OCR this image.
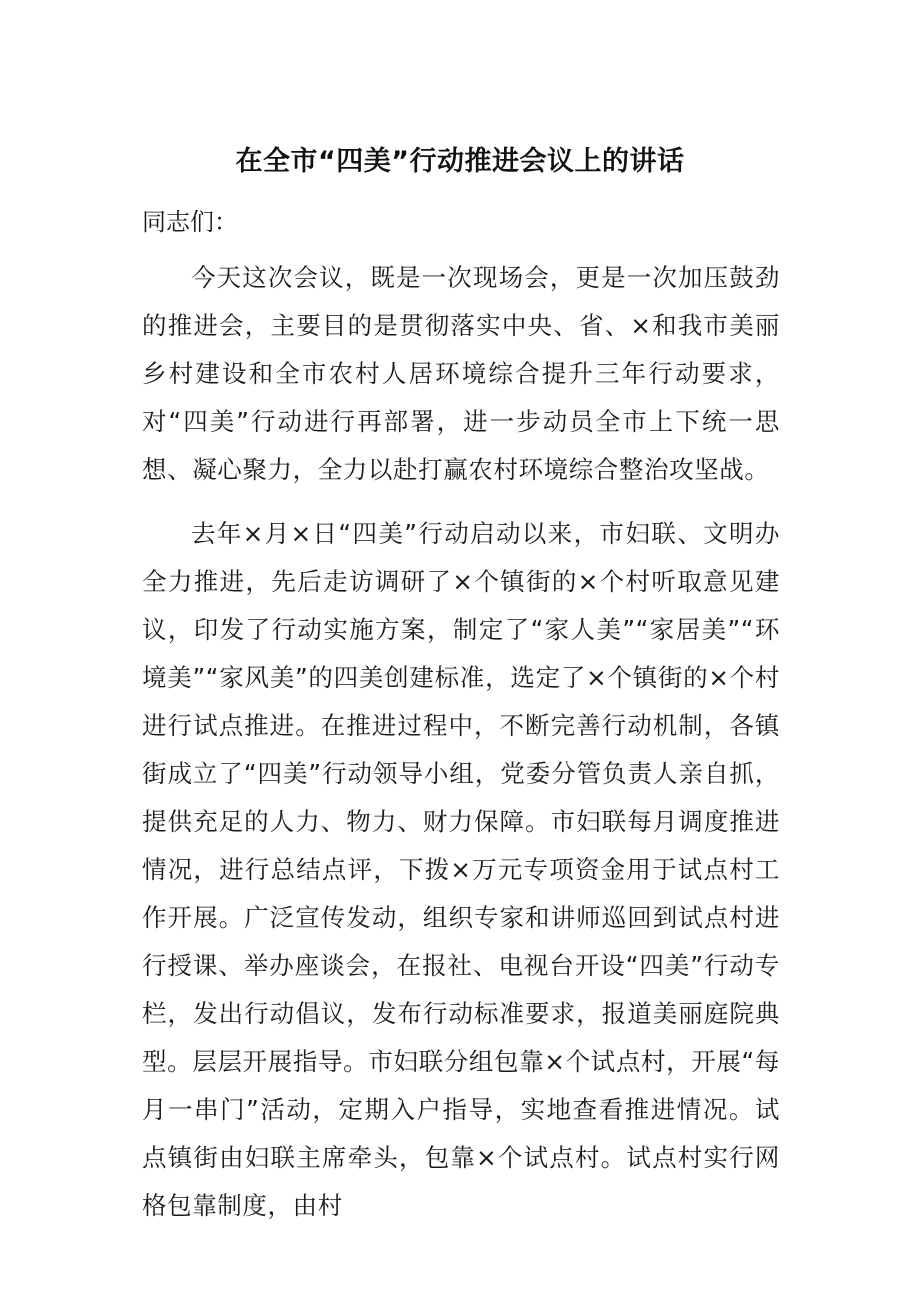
在全市“四美”行动推进会议上的讲话
同志们：

今天这次会议，既是一次现场会，更是一次加压鼓劲的推进会，主要目的是贯彻落实中央、省、×和我市美丽乡村建设和全市农村人居环境综合提升三年行动要求，对“四美”行动进行再部署，进一步动员全市上下统一思想、凝心聚力，全力以赴打赢农村环境综合整治攻坚战。

去年×月×日“四美”行动启动以来，市妇联、文明办全力推进，先后走访调研了×个镇街的×个村听取意见建议，印发了行动实施方案，制定了“家人美”“家居美”“环境美”“家风美”的四美创建标准，选定了×个镇街的×个村进行试点推进。在推进过程中，不断完善行动机制，各镇街成立了“四美”行动领导小组，党委分管负责人亲自抓，提供充足的人力、物力、财力保障。市妇联每月调度推进情况，进行总结点评，下拨×万元专项资金用于试点村工作开展。广泛宣传发动，组织专家和讲师巡回到试点村进行授课、举办座谈会，在报社、电视台开设“四美”行动专栏，发出行动倡议，发布行动标准要求，报道美丽庭院典型。层层开展指导。市妇联分组包靠×个试点村，开展“每月一串门”活动，定期入户指导，实地查看推进情况。试点镇街由妇联主席牵头，包靠×个试点村。试点村实行网格包靠制度，由村
